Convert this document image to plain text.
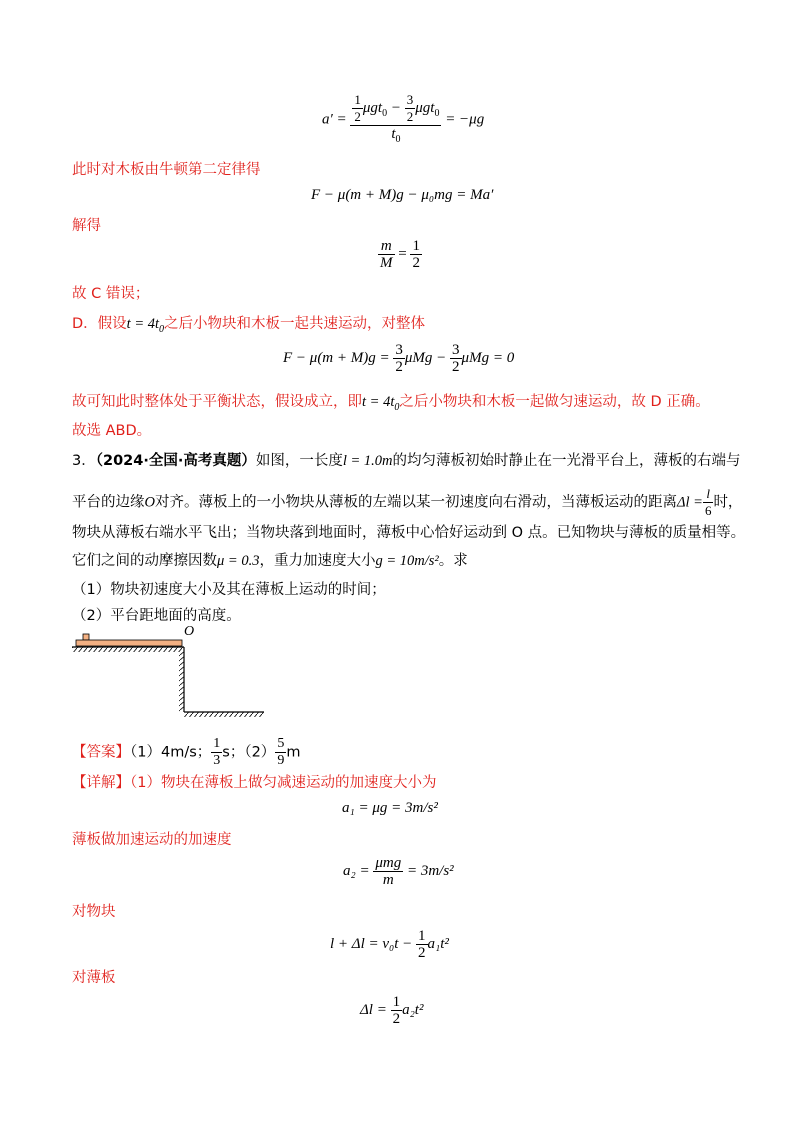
$a' = \frac{\frac{1}{2} \mu gt_0 - \frac{3}{2} \mu gt_0}{t_0} = -\mu g$
此时对木板由牛顿第二定律得
F − μ(m + M)g − μ₀mg = Ma′
解得
$\frac{m}{M} = \frac{1}{2}$
故 C 错误；
D．假设$t = 4t_0$之后小物块和木板一起共速运动，对整体
$F - \mu(m + M)g = \frac{3}{2}$ $\mu Mg - \frac{3}{2}$ μMg = 0
故可知此时整体处于平衡状态，假设成立，即$t = 4t_0$之后小物块和木板一起做匀速运动，故 D 正确。
故选 ABD。
3．（2024·全国·高考真题）如图，一长度l = 1.0m的均匀薄板初始时静止在一光滑平台上，薄板的右端与
平台的边缘O对齐。薄板上的一小物块从薄板的左端以某一初速度向右滑动，当薄板运动的距离$\Delta l = \frac{l}{6}$ 时，
物块从薄板右端水平飞出；当物块落到地面时，薄板中心恰好运动到 O 点。已知物块与薄板的质量相等。
它们之间的动摩擦因数μ = 0.3，重力加速度大小g = 10m/s²。求
（1）物块初速度大小及其在薄板上运动的时间；
（2）平台距地面的高度。
O
【答案】（1）4m/s； $\frac{1}{3}$ s；$(2) \frac{5}{9}$ m
【详解】（1）物块在薄板上做匀减速运动的加速度大小为
a₁ = μg = 3m/s²
薄板做加速运动的加速度
$a_2 = \frac{\text{μmg}}{m} = 3m/s^2$
对物块
$l + \Delta l = v_0t - \frac{1}{2} a_1t^2$
对薄板
$\Delta l = \frac{1}{2} a_2t^2$
